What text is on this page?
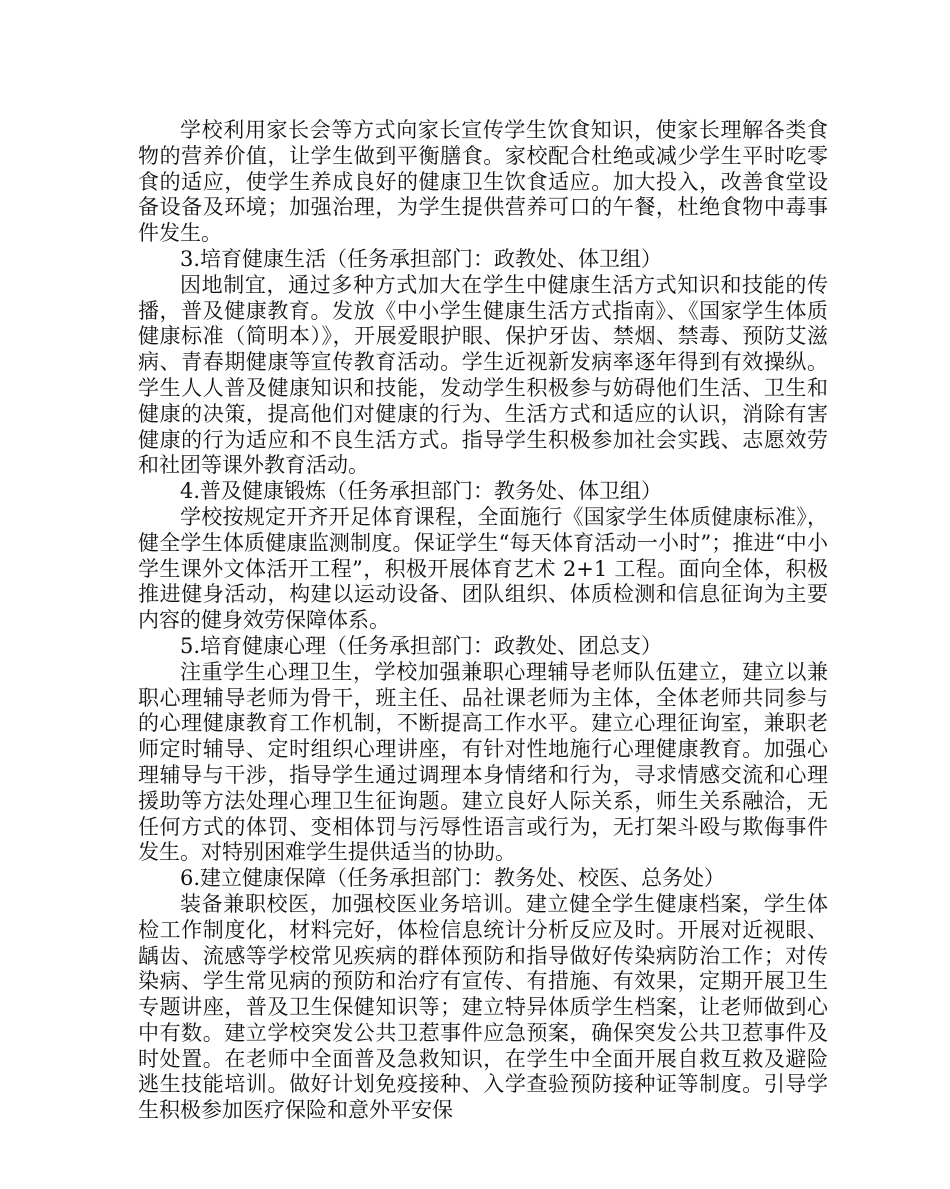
学校利用家长会等方式向家长宣传学生饮食知识，使家长理解各类食物的营养价值，让学生做到平衡膳食。家校配合杜绝或减少学生平时吃零食的适应，使学生养成良好的健康卫生饮食适应。加大投入，改善食堂设备设备及环境；加强治理，为学生提供营养可口的午餐，杜绝食物中毒事件发生。

3.培育健康生活（任务承担部门：政教处、体卫组）

因地制宜，通过多种方式加大在学生中健康生活方式知识和技能的传播，普及健康教育。发放《中小学生健康生活方式指南》、《国家学生体质健康标准（简明本）》，开展爱眼护眼、保护牙齿、禁烟、禁毒、预防艾滋病、青春期健康等宣传教育活动。学生近视新发病率逐年得到有效操纵。学生人人普及健康知识和技能，发动学生积极参与妨碍他们生活、卫生和健康的决策，提高他们对健康的行为、生活方式和适应的认识，消除有害健康的行为适应和不良生活方式。指导学生积极参加社会实践、志愿效劳和社团等课外教育活动。

4.普及健康锻炼（任务承担部门：教务处、体卫组）

学校按规定开齐开足体育课程，全面施行《国家学生体质健康标准》，健全学生体质健康监测制度。保证学生“每天体育活动一小时”；推进“中小学生课外文体活开工程”，积极开展体育艺术 2+1 工程。面向全体，积极推进健身活动，构建以运动设备、团队组织、体质检测和信息征询为主要内容的健身效劳保障体系。

5.培育健康心理（任务承担部门：政教处、团总支）

注重学生心理卫生，学校加强兼职心理辅导老师队伍建立，建立以兼职心理辅导老师为骨干，班主任、品社课老师为主体，全体老师共同参与的心理健康教育工作机制，不断提高工作水平。建立心理征询室，兼职老师定时辅导、定时组织心理讲座，有针对性地施行心理健康教育。加强心理辅导与干涉，指导学生通过调理本身情绪和行为，寻求情感交流和心理援助等方法处理心理卫生征询题。建立良好人际关系，师生关系融洽，无任何方式的体罚、变相体罚与污辱性语言或行为，无打架斗殴与欺侮事件发生。对特别困难学生提供适当的协助。

6.建立健康保障（任务承担部门：教务处、校医、总务处）

装备兼职校医，加强校医业务培训。建立健全学生健康档案，学生体检工作制度化，材料完好，体检信息统计分析反应及时。开展对近视眼、龋齿、流感等学校常见疾病的群体预防和指导做好传染病防治工作；对传染病、学生常见病的预防和治疗有宣传、有措施、有效果，定期开展卫生专题讲座，普及卫生保健知识等；建立特异体质学生档案，让老师做到心中有数。建立学校突发公共卫惹事件应急预案，确保突发公共卫惹事件及时处置。在老师中全面普及急救知识，在学生中全面开展自救互救及避险逃生技能培训。做好计划免疫接种、入学查验预防接种证等制度。引导学生积极参加医疗保险和意外平安保
